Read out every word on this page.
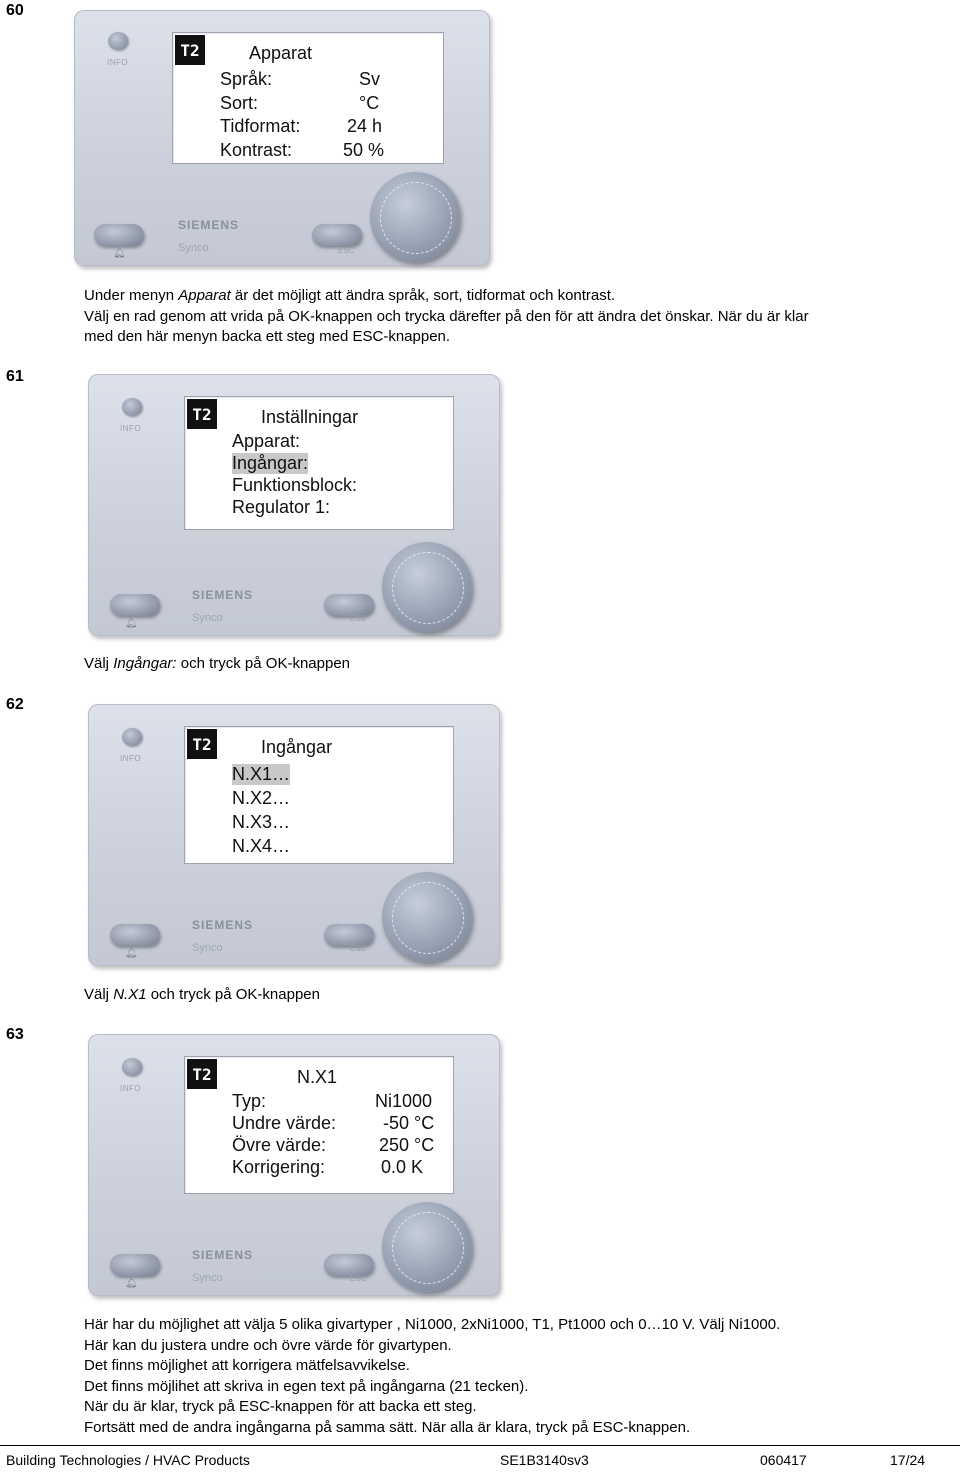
60
INFO
T2	Apparat
Språk:	Sv
Sort:	°C
Tidformat:	24 h
Kontrast:	50 %
SIEMENS
Synco
🔔︎	ESC
OK
Under menyn Apparat är det möjligt att ändra språk, sort, tidformat och kontrast.
Välj en rad genom att vrida på OK-knappen och trycka därefter på den för att ändra det önskar. När du är klar
med den här menyn backa ett steg med ESC-knappen.
61
INFO
T2	Inställningar
Apparat:
Ingångar:
Funktionsblock:
Regulator 1:
SIEMENS
Synco
🔔︎	ESC
OK
Välj Ingångar: och tryck på OK-knappen
62
INFO
T2	Ingångar
N.X1…
N.X2…
N.X3…
N.X4…
SIEMENS
Synco
🔔︎	ESC
OK
Välj N.X1 och tryck på OK-knappen
63
INFO
T2	N.X1
Typ:	Ni1000
Undre värde:	-50 °C
Övre värde:	250 °C
Korrigering:	0.0 K
SIEMENS
Synco
🔔︎	ESC
OK
Här har du möjlighet att välja 5 olika givartyper , Ni1000, 2xNi1000, T1, Pt1000 och 0…10 V. Välj Ni1000.
Här kan du justera undre och övre värde för givartypen.
Det finns möjlighet att korrigera mätfelsavvikelse.
Det finns möjlihet att skriva in egen text på ingångarna (21 tecken).
När du är klar, tryck på ESC-knappen för att backa ett steg.
Fortsätt med de andra ingångarna på samma sätt. När alla är klara, tryck på ESC-knappen.
Building Technologies / HVAC Products	SE1B3140sv3	060417	17/24
